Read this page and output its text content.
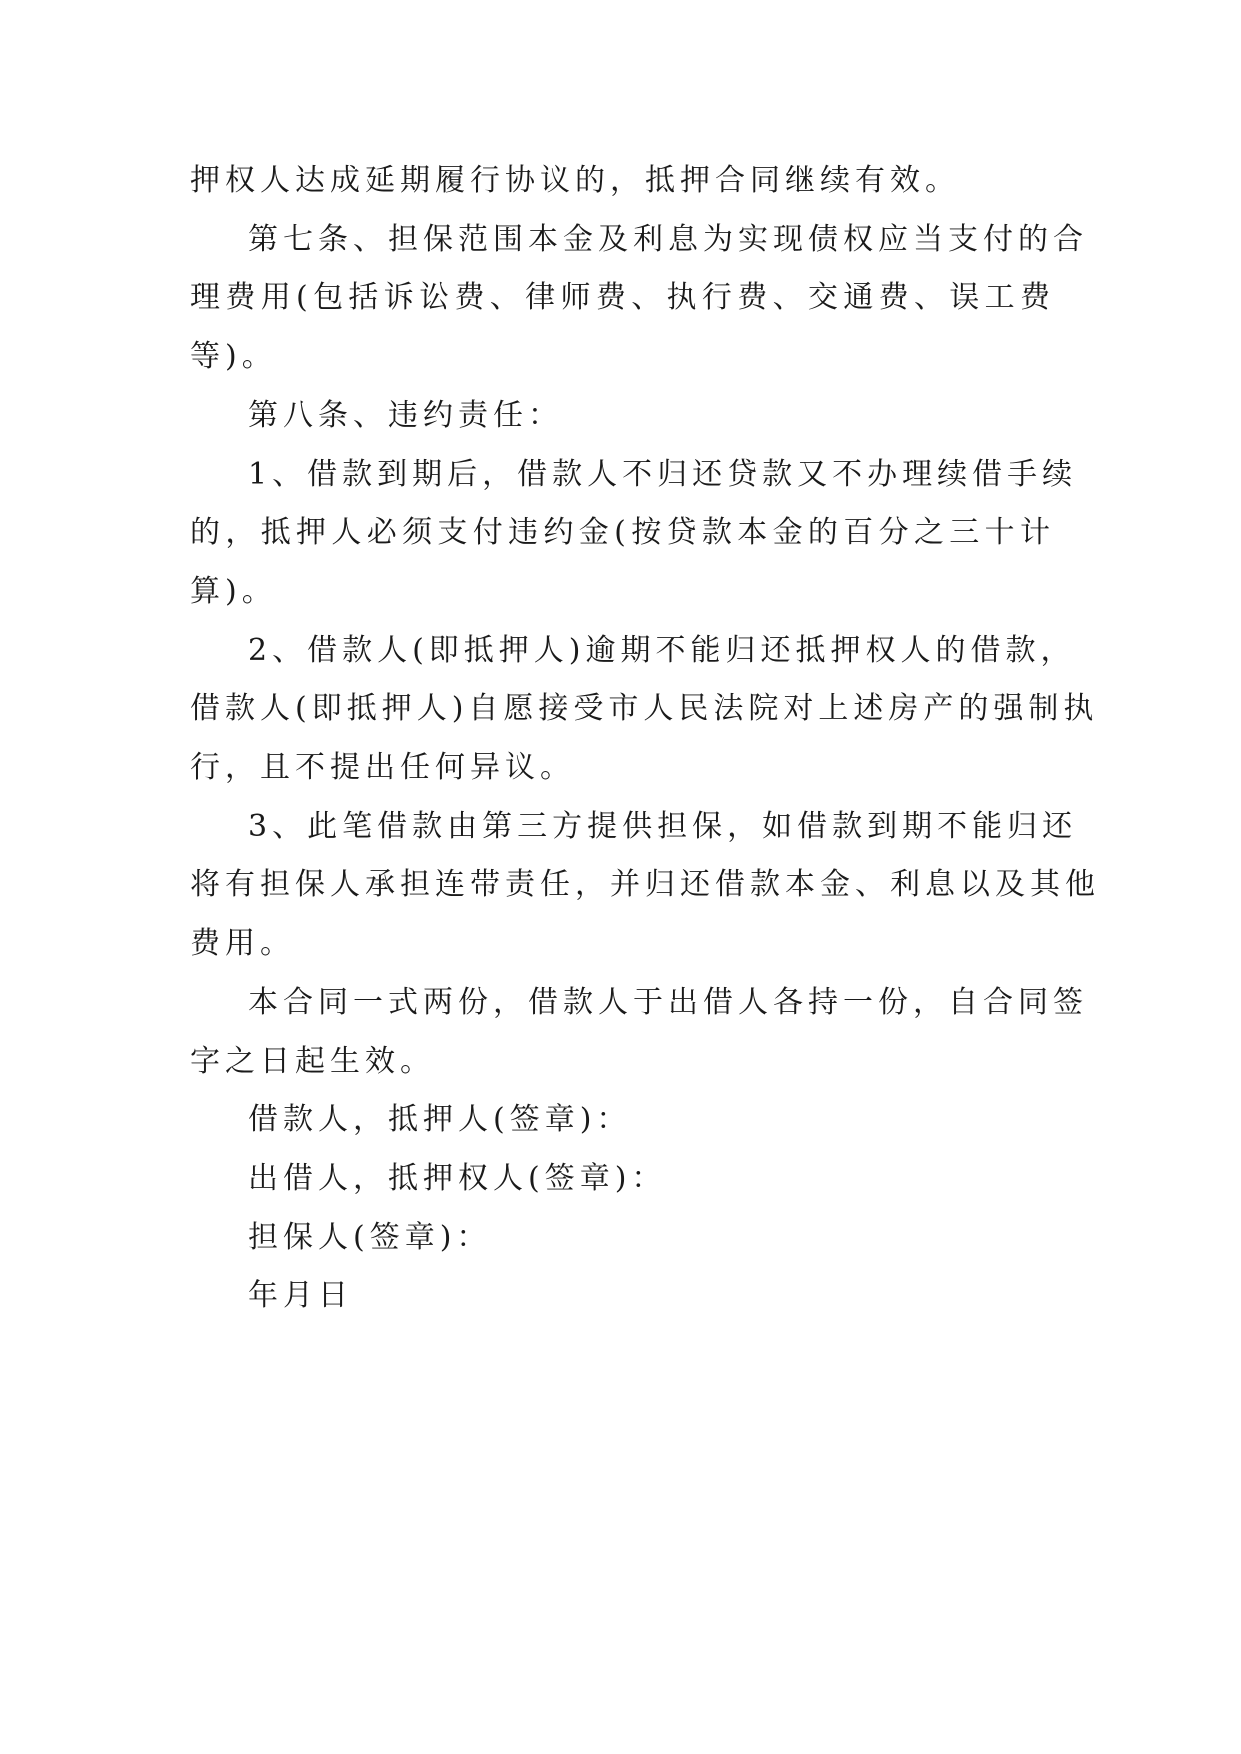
押权人达成延期履行协议的，抵押合同继续有效。
第七条、担保范围本金及利息为实现债权应当支付的合
理费用(包括诉讼费、律师费、执行费、交通费、误工费
等)。
第八条、违约责任：
1、借款到期后，借款人不归还贷款又不办理续借手续
的，抵押人必须支付违约金(按贷款本金的百分之三十计
算)。
2、借款人(即抵押人)逾期不能归还抵押权人的借款，
借款人(即抵押人)自愿接受市人民法院对上述房产的强制执
行，且不提出任何异议。
3、此笔借款由第三方提供担保，如借款到期不能归还
将有担保人承担连带责任，并归还借款本金、利息以及其他
费用。
本合同一式两份，借款人于出借人各持一份，自合同签
字之日起生效。
借款人，抵押人(签章)：
出借人，抵押权人(签章)：
担保人(签章)：
年月日
